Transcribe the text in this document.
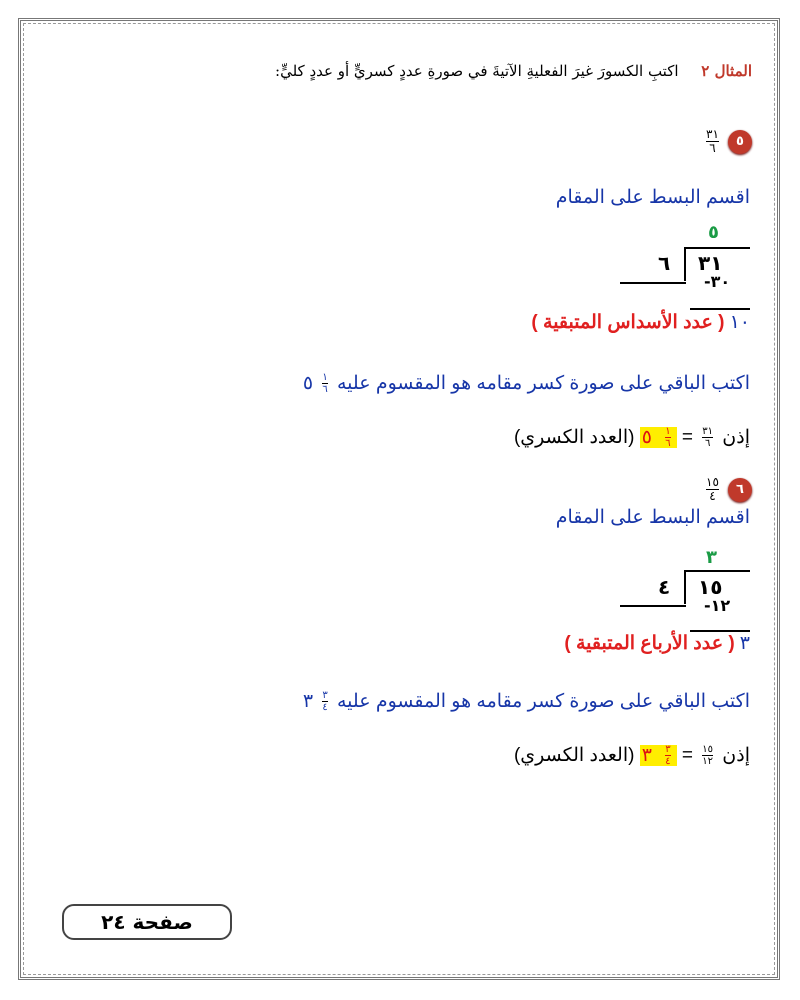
المثال ٢ اكتبِ الكسورَ غيرَ الفعليةِ الآتيةَ في صورةِ عددٍ كسريٍّ أو عددٍ كليٍّ:
٥
$\frac{٣١}{٦}$
اقسم البسط على المقام
٥
٦ ٣١
٣٠-
١٠ ( عدد الأسداس المتبقية )
اكتب الباقي على صورة كسر مقامه هو المقسوم عليه
$\frac{١}{٦}$
٥
إذن
$\frac{٣١}{٦}$
=
$\frac{١}{٦}$
٥ (العدد الكسري)
٦
$\frac{١٥}{٤}$
اقسم البسط على المقام
٣
٤ ١٥
١٢-
٣ ( عدد الأرباع المتبقية )
اكتب الباقي على صورة كسر مقامه هو المقسوم عليه
$\frac{٣}{٤}$
٣
إذن
$\frac{١٥}{١٢}$
=
$\frac{٣}{٤}$
٣ (العدد الكسري)
صفحة ٢٤
